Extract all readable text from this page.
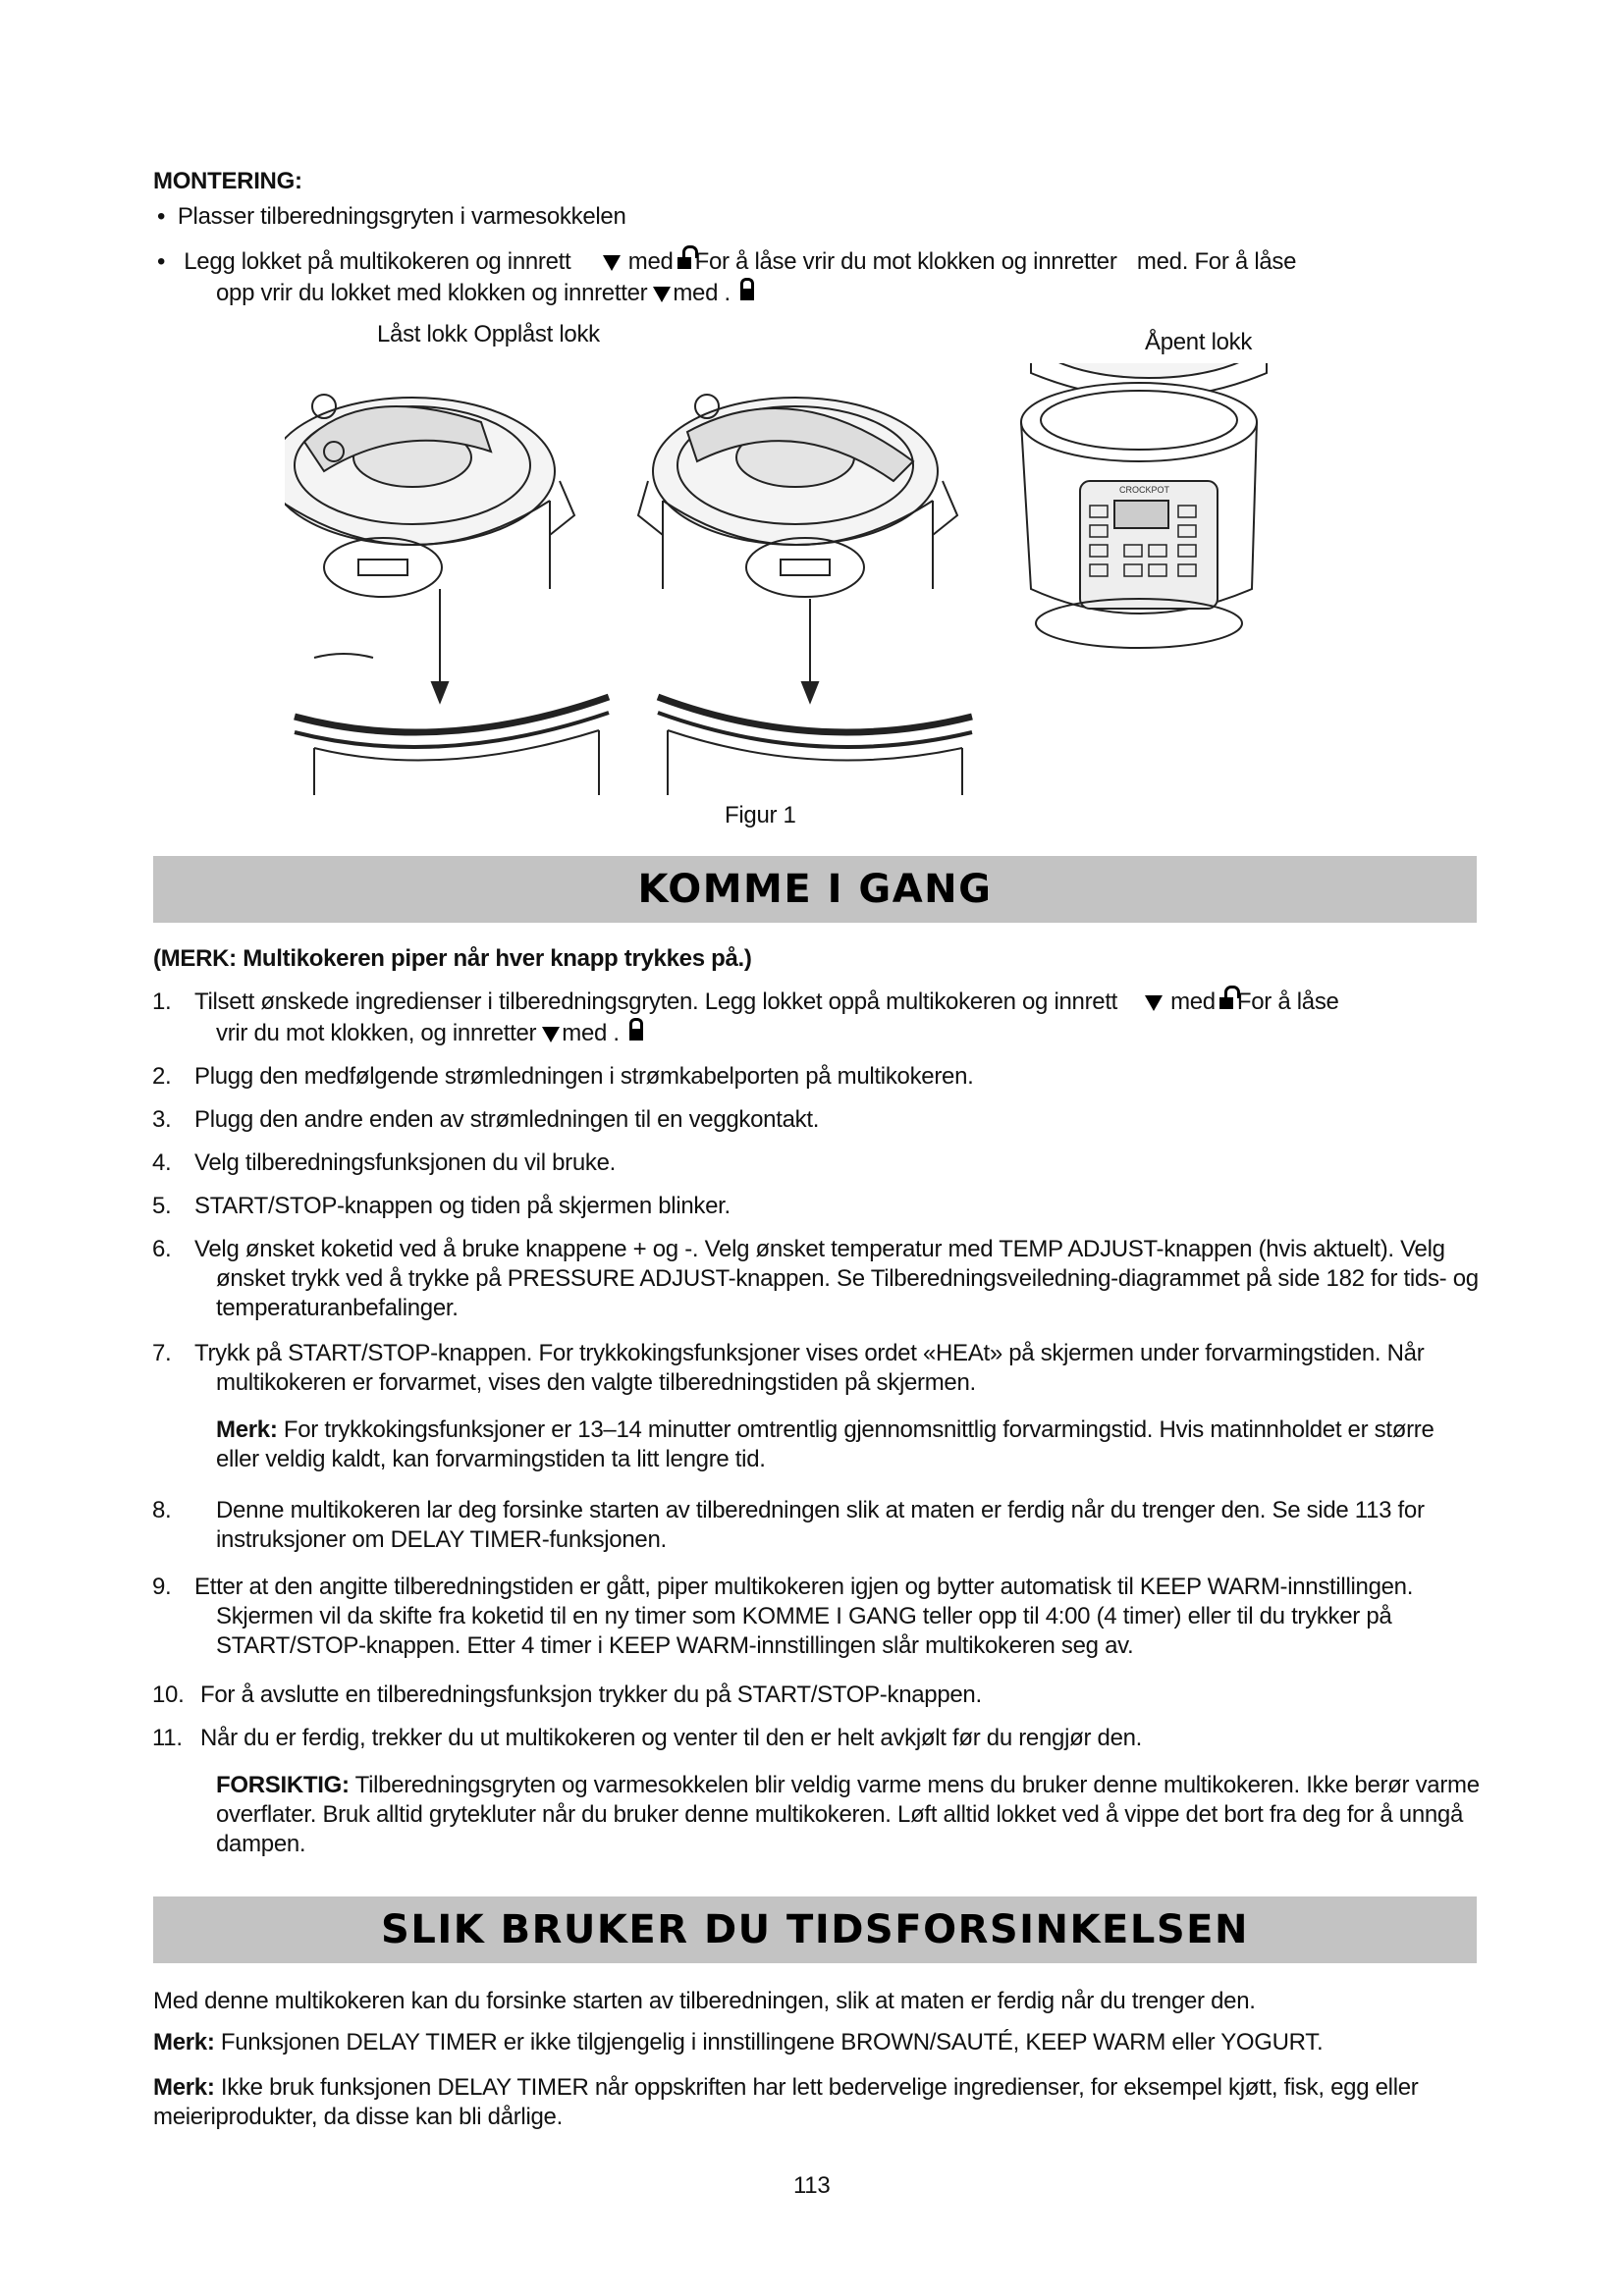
MONTERING:
•  Plasser tilberedningsgryten i varmesokkelen
•   Legg lokket på multikokeren og innrett med For å låse vrir du mot klokken og innretter med. For å låse
opp vrir du lokket med klokken og innretter med .
Låst lokk Opplåst lokk	Åpent lokk
CROCKPOT
Figur 1
KOMME I GANG
(MERK: Multikokeren piper når hver knapp trykkes på.)
1. Tilsett ønskede ingredienser i tilberedningsgryten. Legg lokket oppå multikokeren og innrett med For å låse
vrir du mot klokken, og innretter med .
2. Plugg den medfølgende strømledningen i strømkabelporten på multikokeren.
3. Plugg den andre enden av strømledningen til en veggkontakt.
4. Velg tilberedningsfunksjonen du vil bruke.
5. START/STOP-knappen og tiden på skjermen blinker.
6. Velg ønsket koketid ved å bruke knappene + og -. Velg ønsket temperatur med TEMP ADJUST-knappen (hvis aktuelt). Velg ønsket trykk ved å trykke på PRESSURE ADJUST-knappen. Se Tilberedningsveiledning-diagrammet på side 182 for tids- og temperaturanbefalinger.
7. Trykk på START/STOP-knappen. For trykkokingsfunksjoner vises ordet «HEAt» på skjermen under forvarmingstiden. Når multikokeren er forvarmet, vises den valgte tilberedningstiden på skjermen.
Merk: For trykkokingsfunksjoner er 13–14 minutter omtrentlig gjennomsnittlig forvarmingstid. Hvis matinnholdet er større eller veldig kaldt, kan forvarmingstiden ta litt lengre tid.
8. Denne multikokeren lar deg forsinke starten av tilberedningen slik at maten er ferdig når du trenger den. Se side 113 for instruksjoner om DELAY TIMER-funksjonen.
9. Etter at den angitte tilberedningstiden er gått, piper multikokeren igjen og bytter automatisk til KEEP WARM-innstillingen. Skjermen vil da skifte fra koketid til en ny timer som KOMME I GANG teller opp til 4:00 (4 timer) eller til du trykker på START/STOP-knappen. Etter 4 timer i KEEP WARM-innstillingen slår multikokeren seg av.
10. For å avslutte en tilberedningsfunksjon trykker du på START/STOP-knappen.
11. Når du er ferdig, trekker du ut multikokeren og venter til den er helt avkjølt før du rengjør den.
FORSIKTIG: Tilberedningsgryten og varmesokkelen blir veldig varme mens du bruker denne multikokeren. Ikke berør varme overflater. Bruk alltid grytekluter når du bruker denne multikokeren. Løft alltid lokket ved å vippe det bort fra deg for å unngå dampen.
SLIK BRUKER DU TIDSFORSINKELSEN
Med denne multikokeren kan du forsinke starten av tilberedningen, slik at maten er ferdig når du trenger den.
Merk: Funksjonen DELAY TIMER er ikke tilgjengelig i innstillingene BROWN/SAUTÉ, KEEP WARM eller YOGURT.
Merk: Ikke bruk funksjonen DELAY TIMER når oppskriften har lett bedervelige ingredienser, for eksempel kjøtt, fisk, egg eller meieriprodukter, da disse kan bli dårlige.
113
